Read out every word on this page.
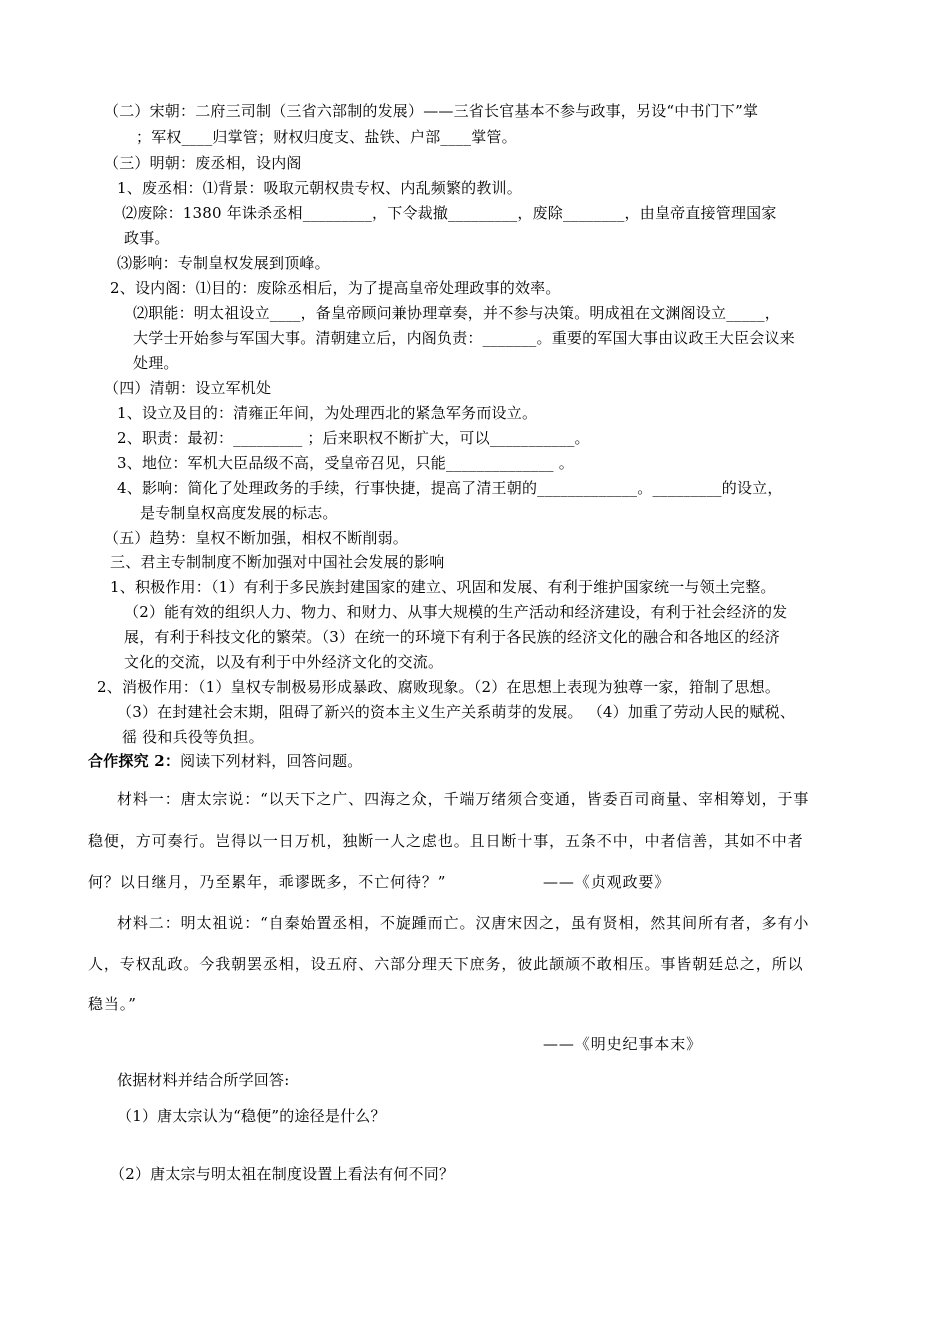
（二）宋朝：二府三司制（三省六部制的发展）——三省长官基本不参与政事，另设“中书门下”掌
；军权____归掌管；财权归度支、盐铁、户部____掌管。
（三）明朝：废丞相，设内阁
1、废丞相：⑴背景：吸取元朝权贵专权、内乱频繁的教训。
⑵废除：1380 年诛杀丞相_________，下令裁撤_________，废除________，由皇帝直接管理国家
政事。
⑶影响：专制皇权发展到顶峰。
2、设内阁：⑴目的：废除丞相后，为了提高皇帝处理政事的效率。
⑵职能：明太祖设立____，备皇帝顾问兼协理章奏，并不参与决策。明成祖在文渊阁设立_____，
大学士开始参与军国大事。清朝建立后，内阁负责：_______。重要的军国大事由议政王大臣会议来
处理。
（四）清朝：设立军机处
1、设立及目的：清雍正年间，为处理西北的紧急军务而设立。
2、职责：最初：_________ ；后来职权不断扩大，可以___________。
3、地位：军机大臣品级不高，受皇帝召见，只能______________ 。
4、影响：简化了处理政务的手续，行事快捷，提高了清王朝的_____________。_________的设立，
是专制皇权高度发展的标志。
（五）趋势：皇权不断加强，相权不断削弱。
三、君主专制制度不断加强对中国社会发展的影响
1、积极作用：（1）有利于多民族封建国家的建立、巩固和发展、有利于维护国家统一与领土完整。
（2）能有效的组织人力、物力、和财力、从事大规模的生产活动和经济建设，有利于社会经济的发
展，有利于科技文化的繁荣。（3）在统一的环境下有利于各民族的经济文化的融合和各地区的经济
文化的交流，以及有利于中外经济文化的交流。
2、消极作用：（1）皇权专制极易形成暴政、腐败现象。（2）在思想上表现为独尊一家，箝制了思想。
（3）在封建社会末期，阻碍了新兴的资本主义生产关系萌芽的发展。 （4）加重了劳动人民的赋税、
徭 役和兵役等负担。
合作探究 2：阅读下列材料，回答问题。
材料一：唐太宗说：“以天下之广、四海之众，千端万绪须合变通，皆委百司商量、宰相筹划，于事
稳便，方可奏行。岂得以一日万机，独断一人之虑也。且日断十事，五条不中，中者信善，其如不中者
何？以日继月，乃至累年，乖谬既多，不亡何待？”	——《贞观政要》
材料二：明太祖说：“自秦始置丞相，不旋踵而亡。汉唐宋因之，虽有贤相，然其间所有者，多有小
人，专权乱政。今我朝罢丞相，设五府、六部分理天下庶务，彼此颉颃不敢相压。事皆朝廷总之，所以
稳当。”
——《明史纪事本末》
依据材料并结合所学回答:
（1）唐太宗认为“稳便”的途径是什么？
（2）唐太宗与明太祖在制度设置上看法有何不同？
